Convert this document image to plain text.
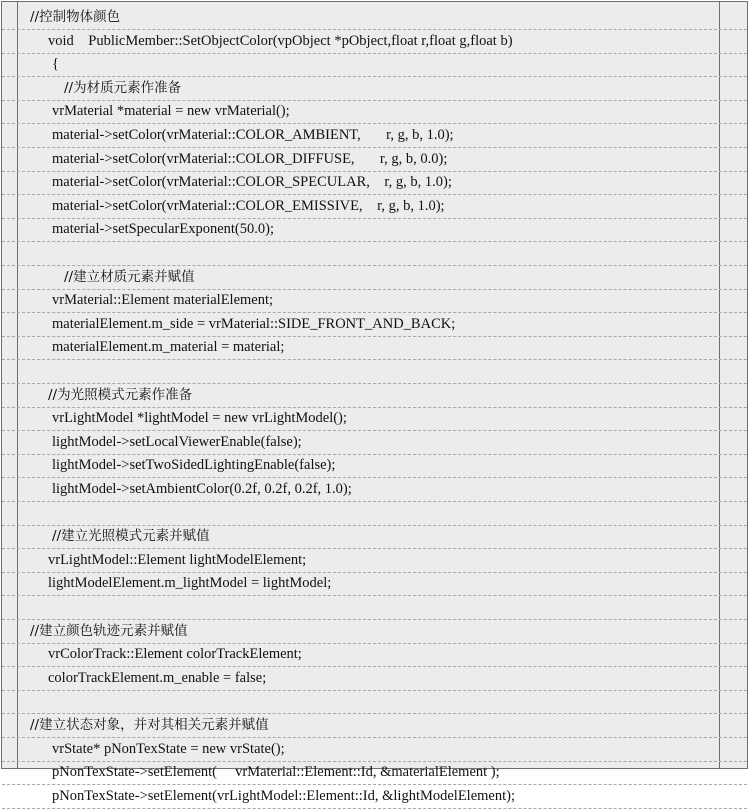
//控制物体颜色
void    PublicMember::SetObjectColor(vpObject *pObject,float r,float g,float b)
{
//为材质元素作准备
vrMaterial *material = new vrMaterial();
material->setColor(vrMaterial::COLOR_AMBIENT,       r, g, b, 1.0);
material->setColor(vrMaterial::COLOR_DIFFUSE,       r, g, b, 0.0);
material->setColor(vrMaterial::COLOR_SPECULAR,    r, g, b, 1.0);
material->setColor(vrMaterial::COLOR_EMISSIVE,    r, g, b, 1.0);
material->setSpecularExponent(50.0);
//建立材质元素并赋值
vrMaterial::Element materialElement;
materialElement.m_side = vrMaterial::SIDE_FRONT_AND_BACK;
materialElement.m_material = material;
//为光照模式元素作准备
vrLightModel *lightModel = new vrLightModel();
lightModel->setLocalViewerEnable(false);
lightModel->setTwoSidedLightingEnable(false);
lightModel->setAmbientColor(0.2f, 0.2f, 0.2f, 1.0);
//建立光照模式元素并赋值
vrLightModel::Element lightModelElement;
lightModelElement.m_lightModel = lightModel;
//建立颜色轨迹元素并赋值
vrColorTrack::Element colorTrackElement;
colorTrackElement.m_enable = false;
//建立状态对象，并对其相关元素并赋值
vrState* pNonTexState = new vrState();
pNonTexState->setElement(     vrMaterial::Element::Id, &materialElement );
pNonTexState->setElement(vrLightModel::Element::Id, &lightModelElement);
